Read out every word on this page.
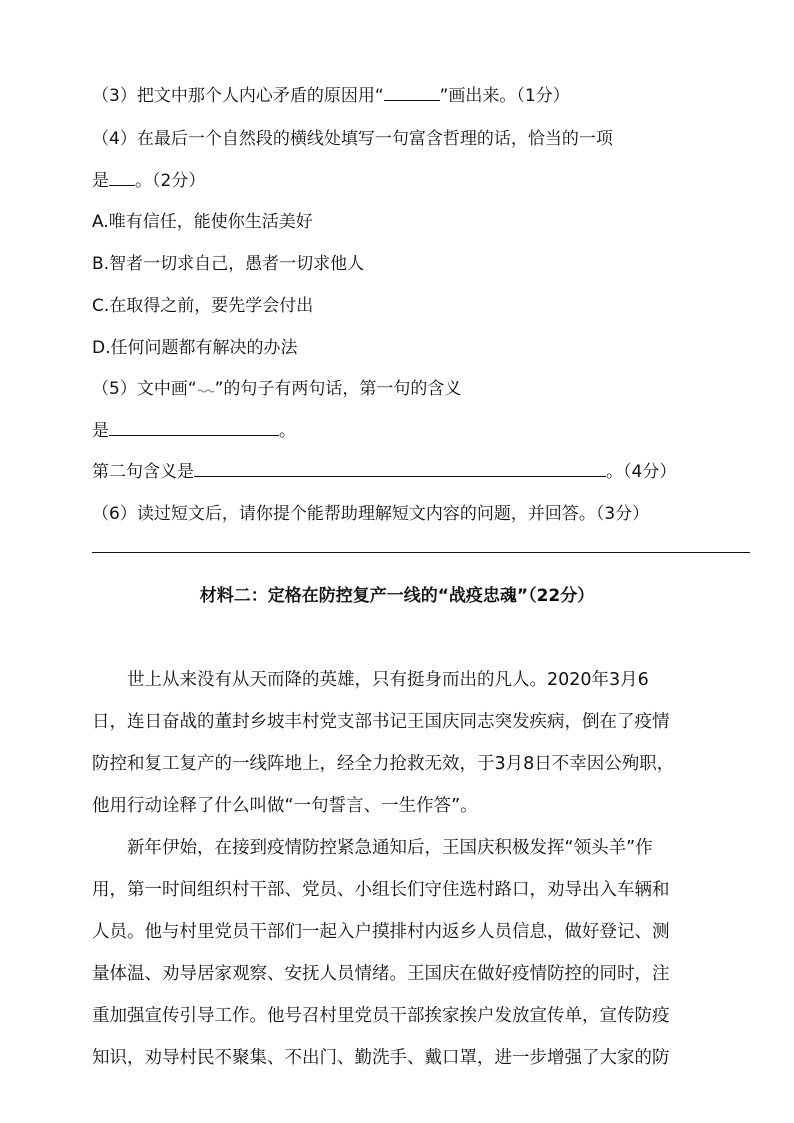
（3）把文中那个人内心矛盾的原因用“	”画出来。（1分）
（4）在最后一个自然段的横线处填写一句富含哲理的话，恰当的一项
是 。（2分）
A.唯有信任，能使你生活美好
B.智者一切求自己，愚者一切求他人
C.在取得之前，要先学会付出
D.任何问题都有解决的办法
（5）文中画“ ”的句子有两句话，第一句的含义
是	。
第二句含义是	。（4分）
（6）读过短文后，请你提个能帮助理解短文内容的问题，并回答。（3分）
材料二：定格在防控复产一线的“战疫忠魂”（22分）
世上从来没有从天而降的英雄，只有挺身而出的凡人。2020年3月6
日，连日奋战的董封乡坡丰村党支部书记王国庆同志突发疾病，倒在了疫情
防控和复工复产的一线阵地上，经全力抢救无效，于3月8日不幸因公殉职，
他用行动诠释了什么叫做“一句誓言、一生作答”。
新年伊始，在接到疫情防控紧急通知后，王国庆积极发挥“领头羊”作
用，第一时间组织村干部、党员、小组长们守住选村路口，劝导出入车辆和
人员。他与村里党员干部们一起入户摸排村内返乡人员信息，做好登记、测
量体温、劝导居家观察、安抚人员情绪。王国庆在做好疫情防控的同时，注
重加强宣传引导工作。他号召村里党员干部挨家挨户发放宣传单，宣传防疫
知识，劝导村民不聚集、不出门、勤洗手、戴口罩，进一步增强了大家的防
